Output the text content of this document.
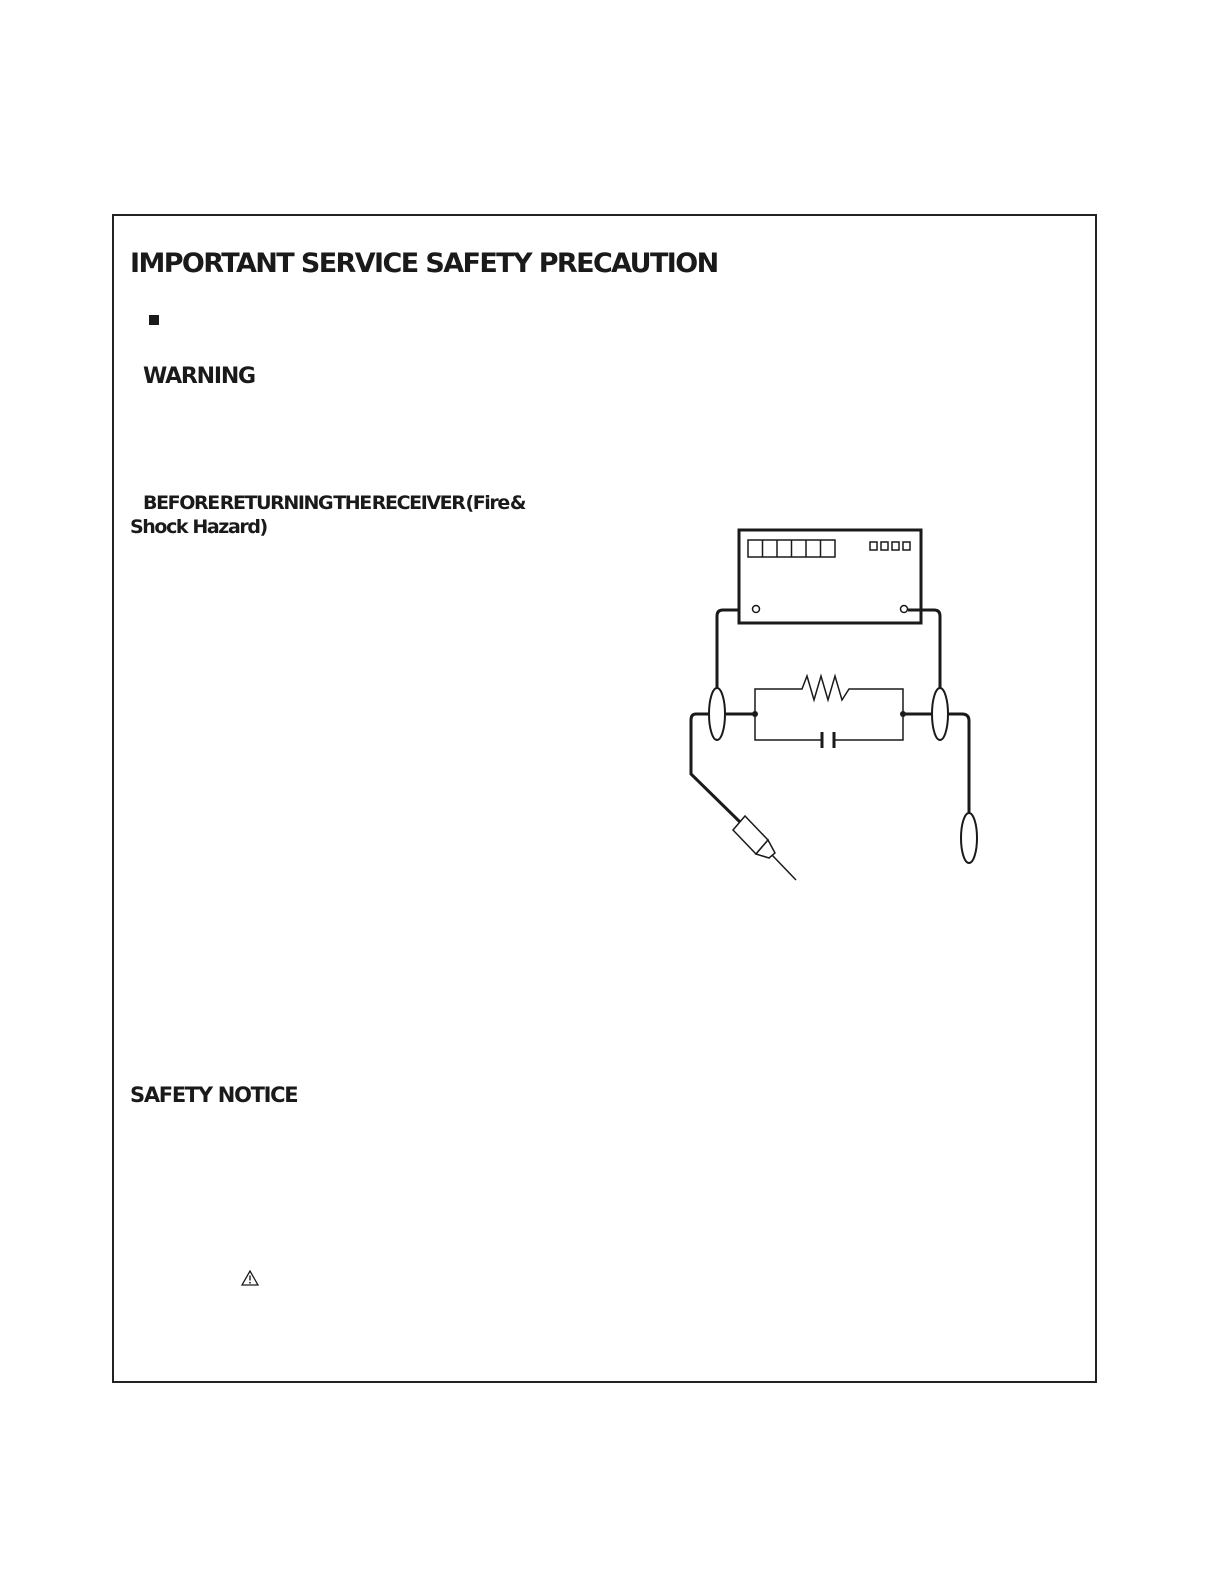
IMPORTANT SERVICE SAFETY PRECAUTION
WARNING
BEFORE RETURNING THE RECEIVER (Fire &
Shock Hazard)
SAFETY NOTICE
